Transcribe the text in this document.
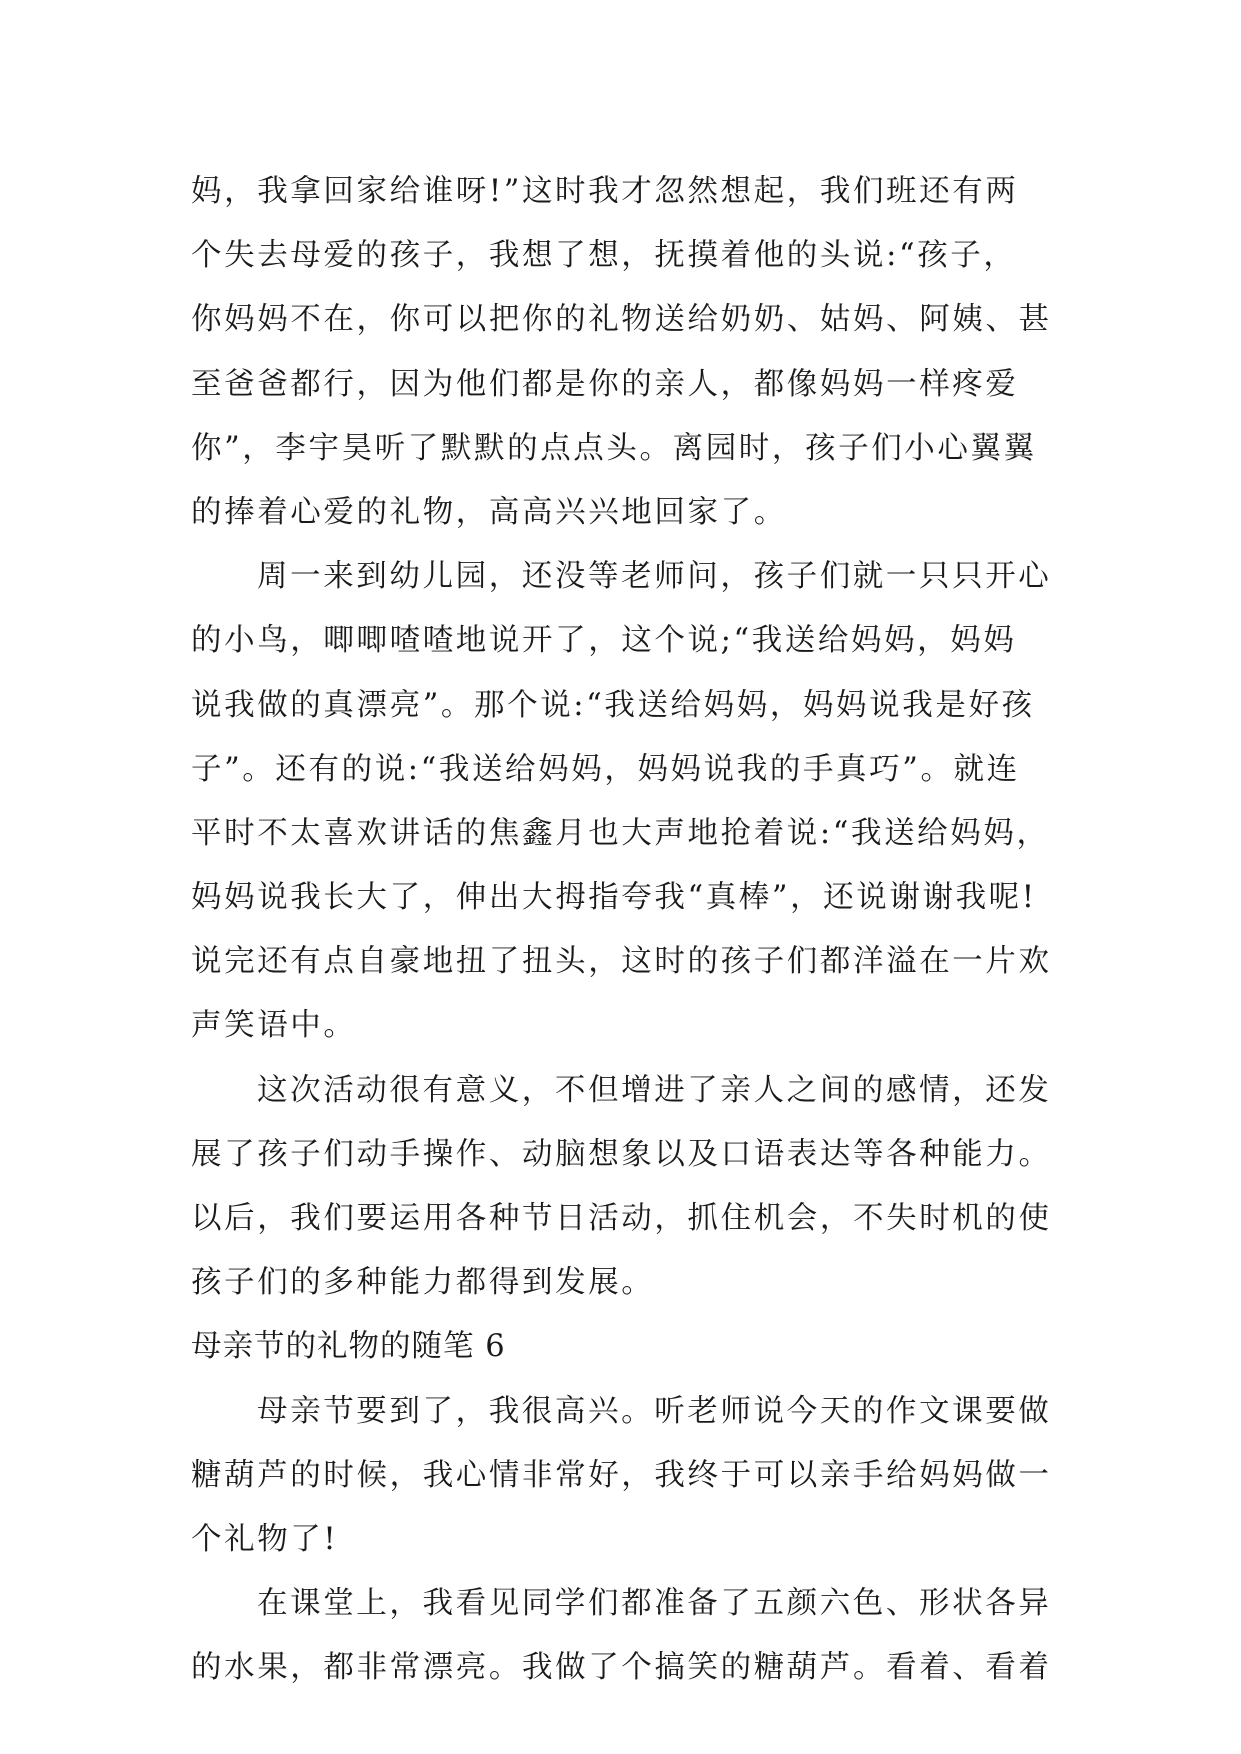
妈，我拿回家给谁呀!”这时我才忽然想起，我们班还有两
个失去母爱的孩子，我想了想，抚摸着他的头说:“孩子，
你妈妈不在，你可以把你的礼物送给奶奶、姑妈、阿姨、甚
至爸爸都行，因为他们都是你的亲人，都像妈妈一样疼爱
你”，李宇昊听了默默的点点头。离园时，孩子们小心翼翼
的捧着心爱的礼物，高高兴兴地回家了。
周一来到幼儿园，还没等老师问，孩子们就一只只开心
的小鸟，唧唧喳喳地说开了，这个说;“我送给妈妈，妈妈
说我做的真漂亮”。那个说:“我送给妈妈，妈妈说我是好孩
子”。还有的说:“我送给妈妈，妈妈说我的手真巧”。就连
平时不太喜欢讲话的焦鑫月也大声地抢着说:“我送给妈妈，
妈妈说我长大了，伸出大拇指夸我“真棒”，还说谢谢我呢!
说完还有点自豪地扭了扭头，这时的孩子们都洋溢在一片欢
声笑语中。
这次活动很有意义，不但增进了亲人之间的感情，还发
展了孩子们动手操作、动脑想象以及口语表达等各种能力。
以后，我们要运用各种节日活动，抓住机会，不失时机的使
孩子们的多种能力都得到发展。
母亲节的礼物的随笔 6
母亲节要到了，我很高兴。听老师说今天的作文课要做
糖葫芦的时候，我心情非常好，我终于可以亲手给妈妈做一
个礼物了!
在课堂上，我看见同学们都准备了五颜六色、形状各异
的水果，都非常漂亮。我做了个搞笑的糖葫芦。看着、看着
